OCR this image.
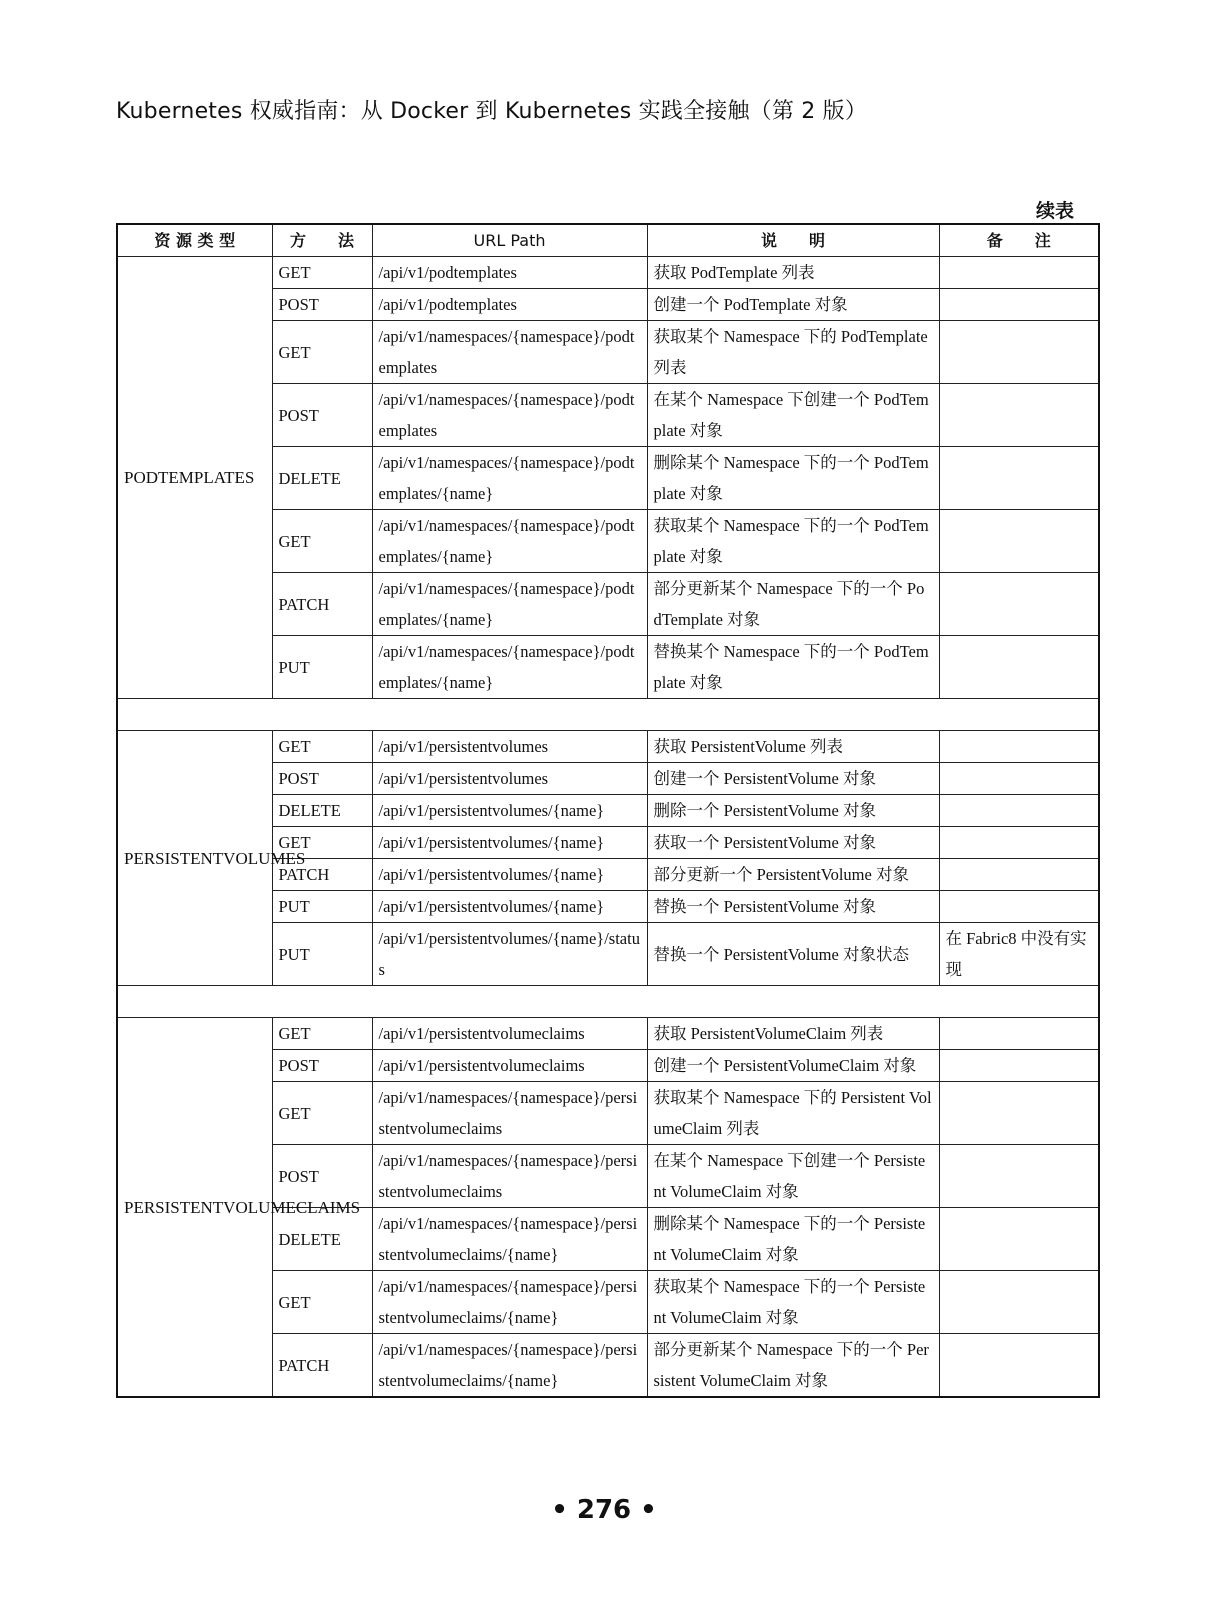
Kubernetes 权威指南：从 Docker 到 Kubernetes 实践全接触（第 2 版）
续表
资 源 类 型	方　　法	URL Path	说　　明	备　　注
PODTEMPLATES	GET	/api/v1/podtemplates	获取 PodTemplate 列表	
	POST	/api/v1/podtemplates	创建一个 PodTemplate 对象	
	GET	/api/v1/namespaces/{namespace}/podtemplates	获取某个 Namespace 下的 PodTemplate 列表	
	POST	/api/v1/namespaces/{namespace}/podtemplates	在某个 Namespace 下创建一个 PodTemplate 对象	
	DELETE	/api/v1/namespaces/{namespace}/podtemplates/{name}	删除某个 Namespace 下的一个 PodTemplate 对象	
	GET	/api/v1/namespaces/{namespace}/podtemplates/{name}	获取某个 Namespace 下的一个 PodTemplate 对象	
	PATCH	/api/v1/namespaces/{namespace}/podtemplates/{name}	部分更新某个 Namespace 下的一个 PodTemplate 对象	
	PUT	/api/v1/namespaces/{namespace}/podtemplates/{name}	替换某个 Namespace 下的一个 PodTemplate 对象	

PERSISTENTVOLUMES	GET	/api/v1/persistentvolumes	获取 PersistentVolume 列表	
	POST	/api/v1/persistentvolumes	创建一个 PersistentVolume 对象	
	DELETE	/api/v1/persistentvolumes/{name}	删除一个 PersistentVolume 对象	
	GET	/api/v1/persistentvolumes/{name}	获取一个 PersistentVolume 对象	
	PATCH	/api/v1/persistentvolumes/{name}	部分更新一个 PersistentVolume 对象	
	PUT	/api/v1/persistentvolumes/{name}	替换一个 PersistentVolume 对象	
	PUT	/api/v1/persistentvolumes/{name}/status	替换一个 PersistentVolume 对象状态	在 Fabric8 中没有实现

PERSISTENTVOLUMECLAIMS	GET	/api/v1/persistentvolumeclaims	获取 PersistentVolumeClaim 列表	
	POST	/api/v1/persistentvolumeclaims	创建一个 PersistentVolumeClaim 对象	
	GET	/api/v1/namespaces/{namespace}/persistentvolumeclaims	获取某个 Namespace 下的 Persistent VolumeClaim 列表	
	POST	/api/v1/namespaces/{namespace}/persistentvolumeclaims	在某个 Namespace 下创建一个 Persistent VolumeClaim 对象	
	DELETE	/api/v1/namespaces/{namespace}/persistentvolumeclaims/{name}	删除某个 Namespace 下的一个 Persistent VolumeClaim 对象	
	GET	/api/v1/namespaces/{namespace}/persistentvolumeclaims/{name}	获取某个 Namespace 下的一个 Persistent VolumeClaim 对象	
	PATCH	/api/v1/namespaces/{namespace}/persistentvolumeclaims/{name}	部分更新某个 Namespace 下的一个 Persistent VolumeClaim 对象	
• 276 •
